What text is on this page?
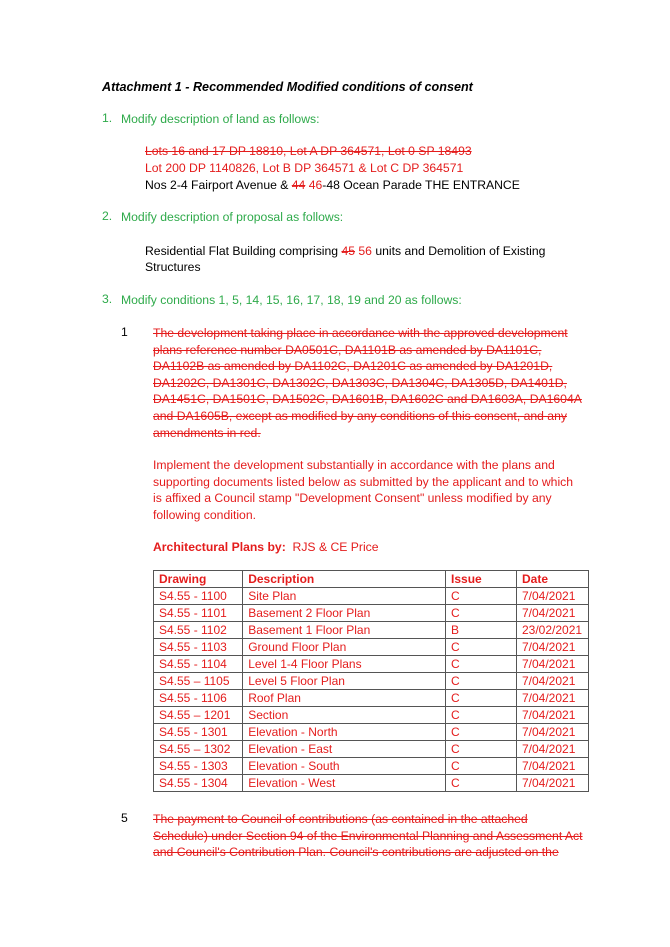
Attachment 1 - Recommended Modified conditions of consent
1. Modify description of land as follows:
Lots 16 and 17 DP 18810, Lot A DP 364571, Lot 0 SP 18493
Lot 200 DP 1140826, Lot B DP 364571 & Lot C DP 364571
Nos 2-4 Fairport Avenue & 44 46-48 Ocean Parade THE ENTRANCE
2. Modify description of proposal as follows:
Residential Flat Building comprising 45 56 units and Demolition of Existing
Structures
3. Modify conditions 1, 5, 14, 15, 16, 17, 18, 19 and 20 as follows:
1 The development taking place in accordance with the approved development
plans reference number DA0501C, DA1101B as amended by DA1101C,
DA1102B as amended by DA1102C, DA1201C as amended by DA1201D,
DA1202C, DA1301C, DA1302C, DA1303C, DA1304C, DA1305D, DA1401D,
DA1451C, DA1501C, DA1502C, DA1601B, DA1602C and DA1603A, DA1604A
and DA1605B, except as modified by any conditions of this consent, and any
amendments in red.
Implement the development substantially in accordance with the plans and
supporting documents listed below as submitted by the applicant and to which
is affixed a Council stamp "Development Consent" unless modified by any
following condition.
Architectural Plans by: RJS & CE Price
Drawing	Description	Issue	Date
S4.55 - 1100	Site Plan	C	7/04/2021
S4.55 - 1101	Basement 2 Floor Plan	C	7/04/2021
S4.55 - 1102	Basement 1 Floor Plan	B	23/02/2021
S4.55 - 1103	Ground Floor Plan	C	7/04/2021
S4.55 - 1104	Level 1-4 Floor Plans	C	7/04/2021
S4.55 – 1105	Level 5 Floor Plan	C	7/04/2021
S4.55 - 1106	Roof Plan	C	7/04/2021
S4.55 – 1201	Section	C	7/04/2021
S4.55 - 1301	Elevation - North	C	7/04/2021
S4.55 – 1302	Elevation - East	C	7/04/2021
S4.55 - 1303	Elevation - South	C	7/04/2021
S4.55 - 1304	Elevation - West	C	7/04/2021
5 The payment to Council of contributions (as contained in the attached
Schedule) under Section 94 of the Environmental Planning and Assessment Act
and Council's Contribution Plan. Council's contributions are adjusted on the
